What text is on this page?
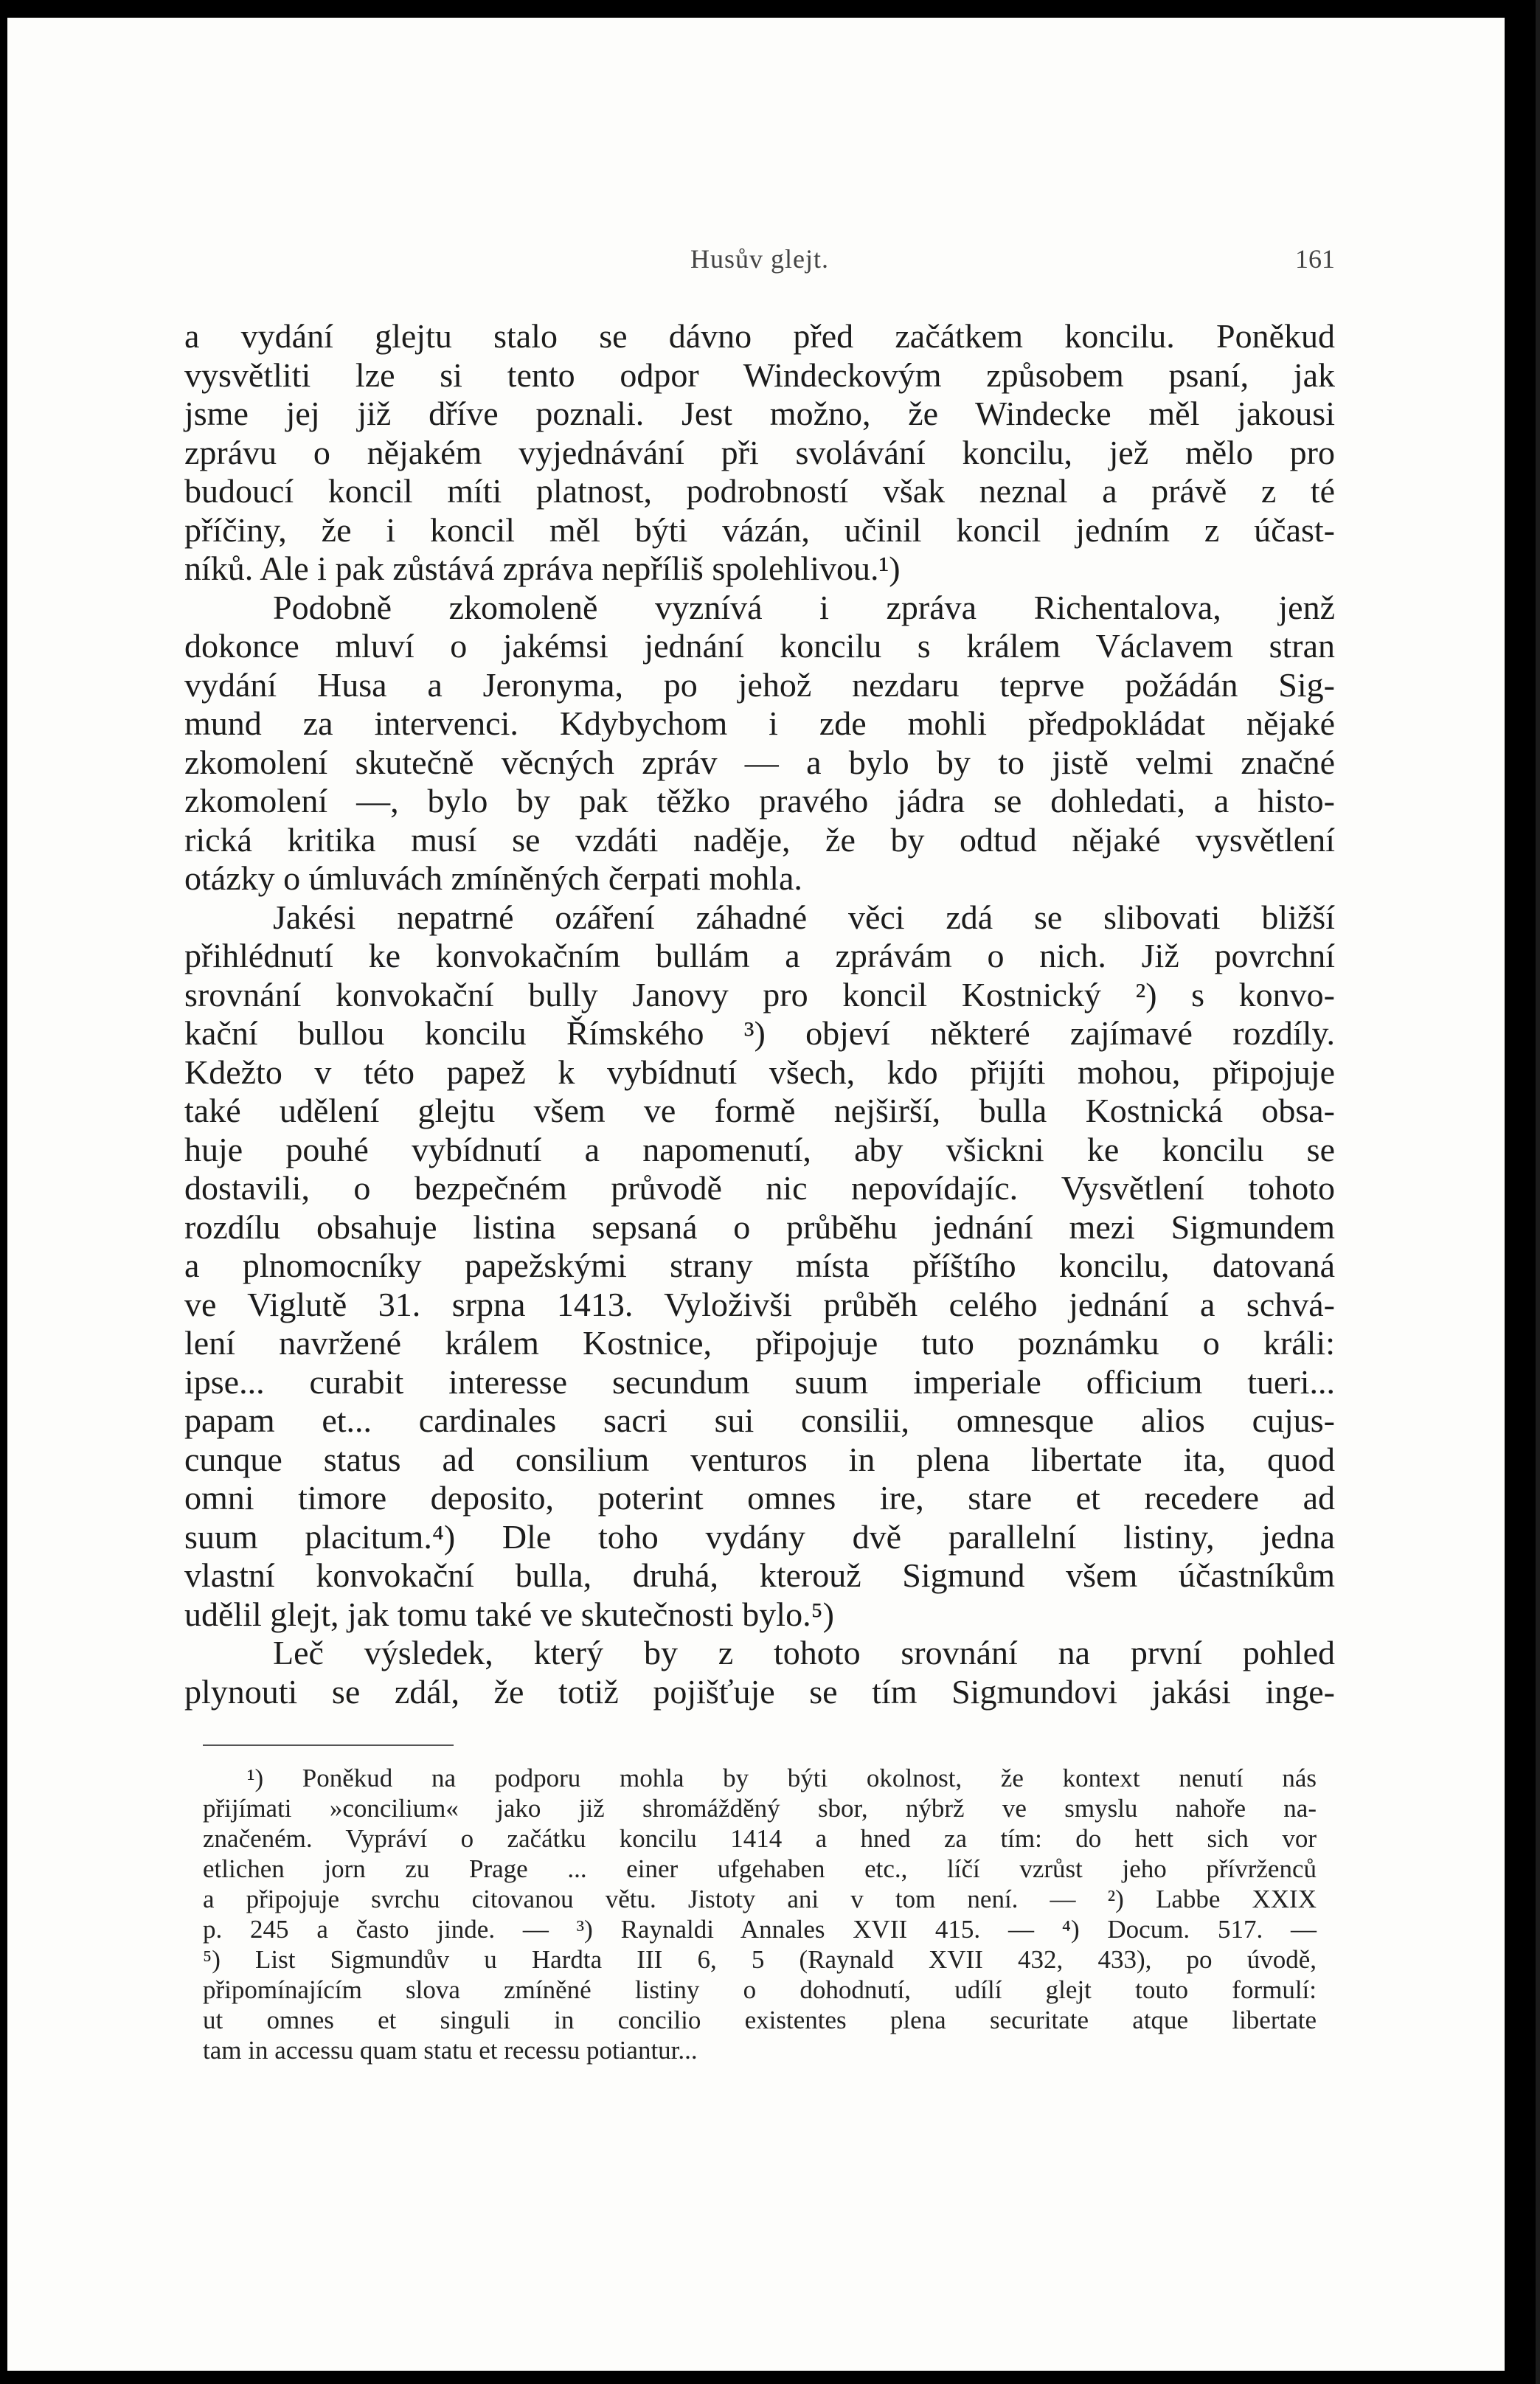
Husův glejt.	161
a vydání glejtu stalo se dávno před začátkem koncilu. Poněkud
vysvětliti lze si tento odpor Windeckovým způsobem psaní, jak
jsme jej již dříve poznali. Jest možno, že Windecke měl jakousi
zprávu o nějakém vyjednávání při svolávání koncilu, jež mělo pro
budoucí koncil míti platnost, podrobností však neznal a právě z té
příčiny, že i koncil měl býti vázán, učinil koncil jedním z účast-
níků. Ale i pak zůstává zpráva nepříliš spolehlivou.¹)
Podobně zkomoleně vyznívá i zpráva Richentalova, jenž
dokonce mluví o jakémsi jednání koncilu s králem Václavem stran
vydání Husa a Jeronyma, po jehož nezdaru teprve požádán Sig-
mund za intervenci. Kdybychom i zde mohli předpokládat nějaké
zkomolení skutečně věcných zpráv — a bylo by to jistě velmi značné
zkomolení —, bylo by pak těžko pravého jádra se dohledati, a histo-
rická kritika musí se vzdáti naděje, že by odtud nějaké vysvětlení
otázky o úmluvách zmíněných čerpati mohla.
Jakési nepatrné ozáření záhadné věci zdá se slibovati bližší
přihlédnutí ke konvokačním bullám a zprávám o nich. Již povrchní
srovnání konvokační bully Janovy pro koncil Kostnický ²) s konvo-
kační bullou koncilu Římského ³) objeví některé zajímavé rozdíly.
Kdežto v této papež k vybídnutí všech, kdo přijíti mohou, připojuje
také udělení glejtu všem ve formě nejširší, bulla Kostnická obsa-
huje pouhé vybídnutí a napomenutí, aby všickni ke koncilu se
dostavili, o bezpečném průvodě nic nepovídajíc. Vysvětlení tohoto
rozdílu obsahuje listina sepsaná o průběhu jednání mezi Sigmundem
a plnomocníky papežskými strany místa příštího koncilu, datovaná
ve Viglutě 31. srpna 1413. Vyloživši průběh celého jednání a schvá-
lení navržené králem Kostnice, připojuje tuto poznámku o králi:
ipse... curabit interesse secundum suum imperiale officium tueri...
papam et... cardinales sacri sui consilii, omnesque alios cujus-
cunque status ad consilium venturos in plena libertate ita, quod
omni timore deposito, poterint omnes ire, stare et recedere ad
suum placitum.⁴) Dle toho vydány dvě parallelní listiny, jedna
vlastní konvokační bulla, druhá, kterouž Sigmund všem účastníkům
udělil glejt, jak tomu také ve skutečnosti bylo.⁵)
Leč výsledek, který by z tohoto srovnání na první pohled
plynouti se zdál, že totiž pojišťuje se tím Sigmundovi jakási inge-
¹) Poněkud na podporu mohla by býti okolnost, že kontext nenutí nás
přijímati »concilium« jako již shromážděný sbor, nýbrž ve smyslu nahoře na-
značeném. Vypráví o začátku koncilu 1414 a hned za tím: do hett sich vor
etlichen jorn zu Prage ... einer ufgehaben etc., líčí vzrůst jeho přívrženců
a připojuje svrchu citovanou větu. Jistoty ani v tom není. — ²) Labbe XXIX
p. 245 a často jinde. — ³) Raynaldi Annales XVII 415. — ⁴) Docum. 517. —
⁵) List Sigmundův u Hardta III 6, 5 (Raynald XVII 432, 433), po úvodě,
připomínajícím slova zmíněné listiny o dohodnutí, udílí glejt touto formulí:
ut omnes et singuli in concilio existentes plena securitate atque libertate
tam in accessu quam statu et recessu potiantur...
